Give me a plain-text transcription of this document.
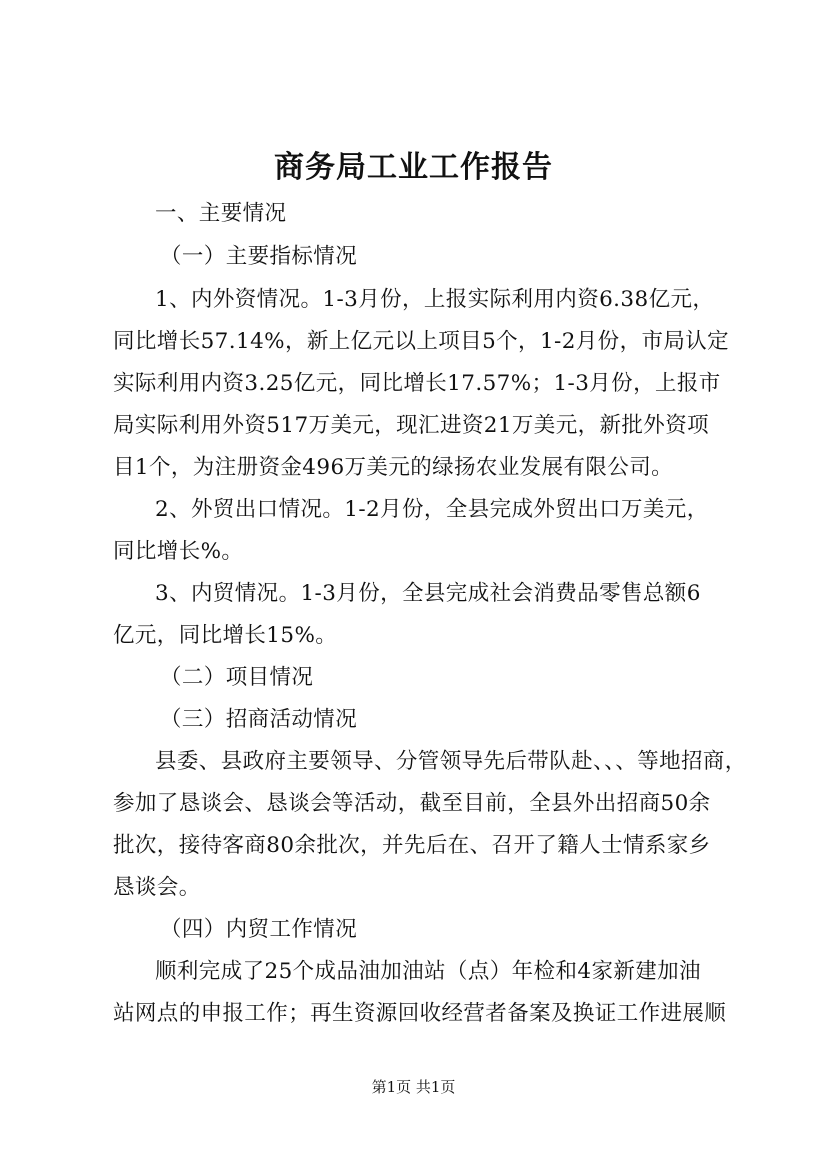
商务局工业工作报告
一、主要情况
（一）主要指标情况
1、内外资情况。1-3月份，上报实际利用内资6.38亿元，
同比增长57.14%，新上亿元以上项目5个，1-2月份，市局认定
实际利用内资3.25亿元，同比增长17.57%；1-3月份，上报市
局实际利用外资517万美元，现汇进资21万美元，新批外资项
目1个，为注册资金496万美元的绿扬农业发展有限公司。
2、外贸出口情况。1-2月份，全县完成外贸出口万美元，
同比增长%。
3、内贸情况。1-3月份，全县完成社会消费品零售总额6
亿元，同比增长15%。
（二）项目情况
（三）招商活动情况
县委、县政府主要领导、分管领导先后带队赴、、、等地招商，
参加了恳谈会、恳谈会等活动，截至目前，全县外出招商50余
批次，接待客商80余批次，并先后在、召开了籍人士情系家乡
恳谈会。
（四）内贸工作情况
顺利完成了25个成品油加油站（点）年检和4家新建加油
站网点的申报工作；再生资源回收经营者备案及换证工作进展顺
第1页 共1页
